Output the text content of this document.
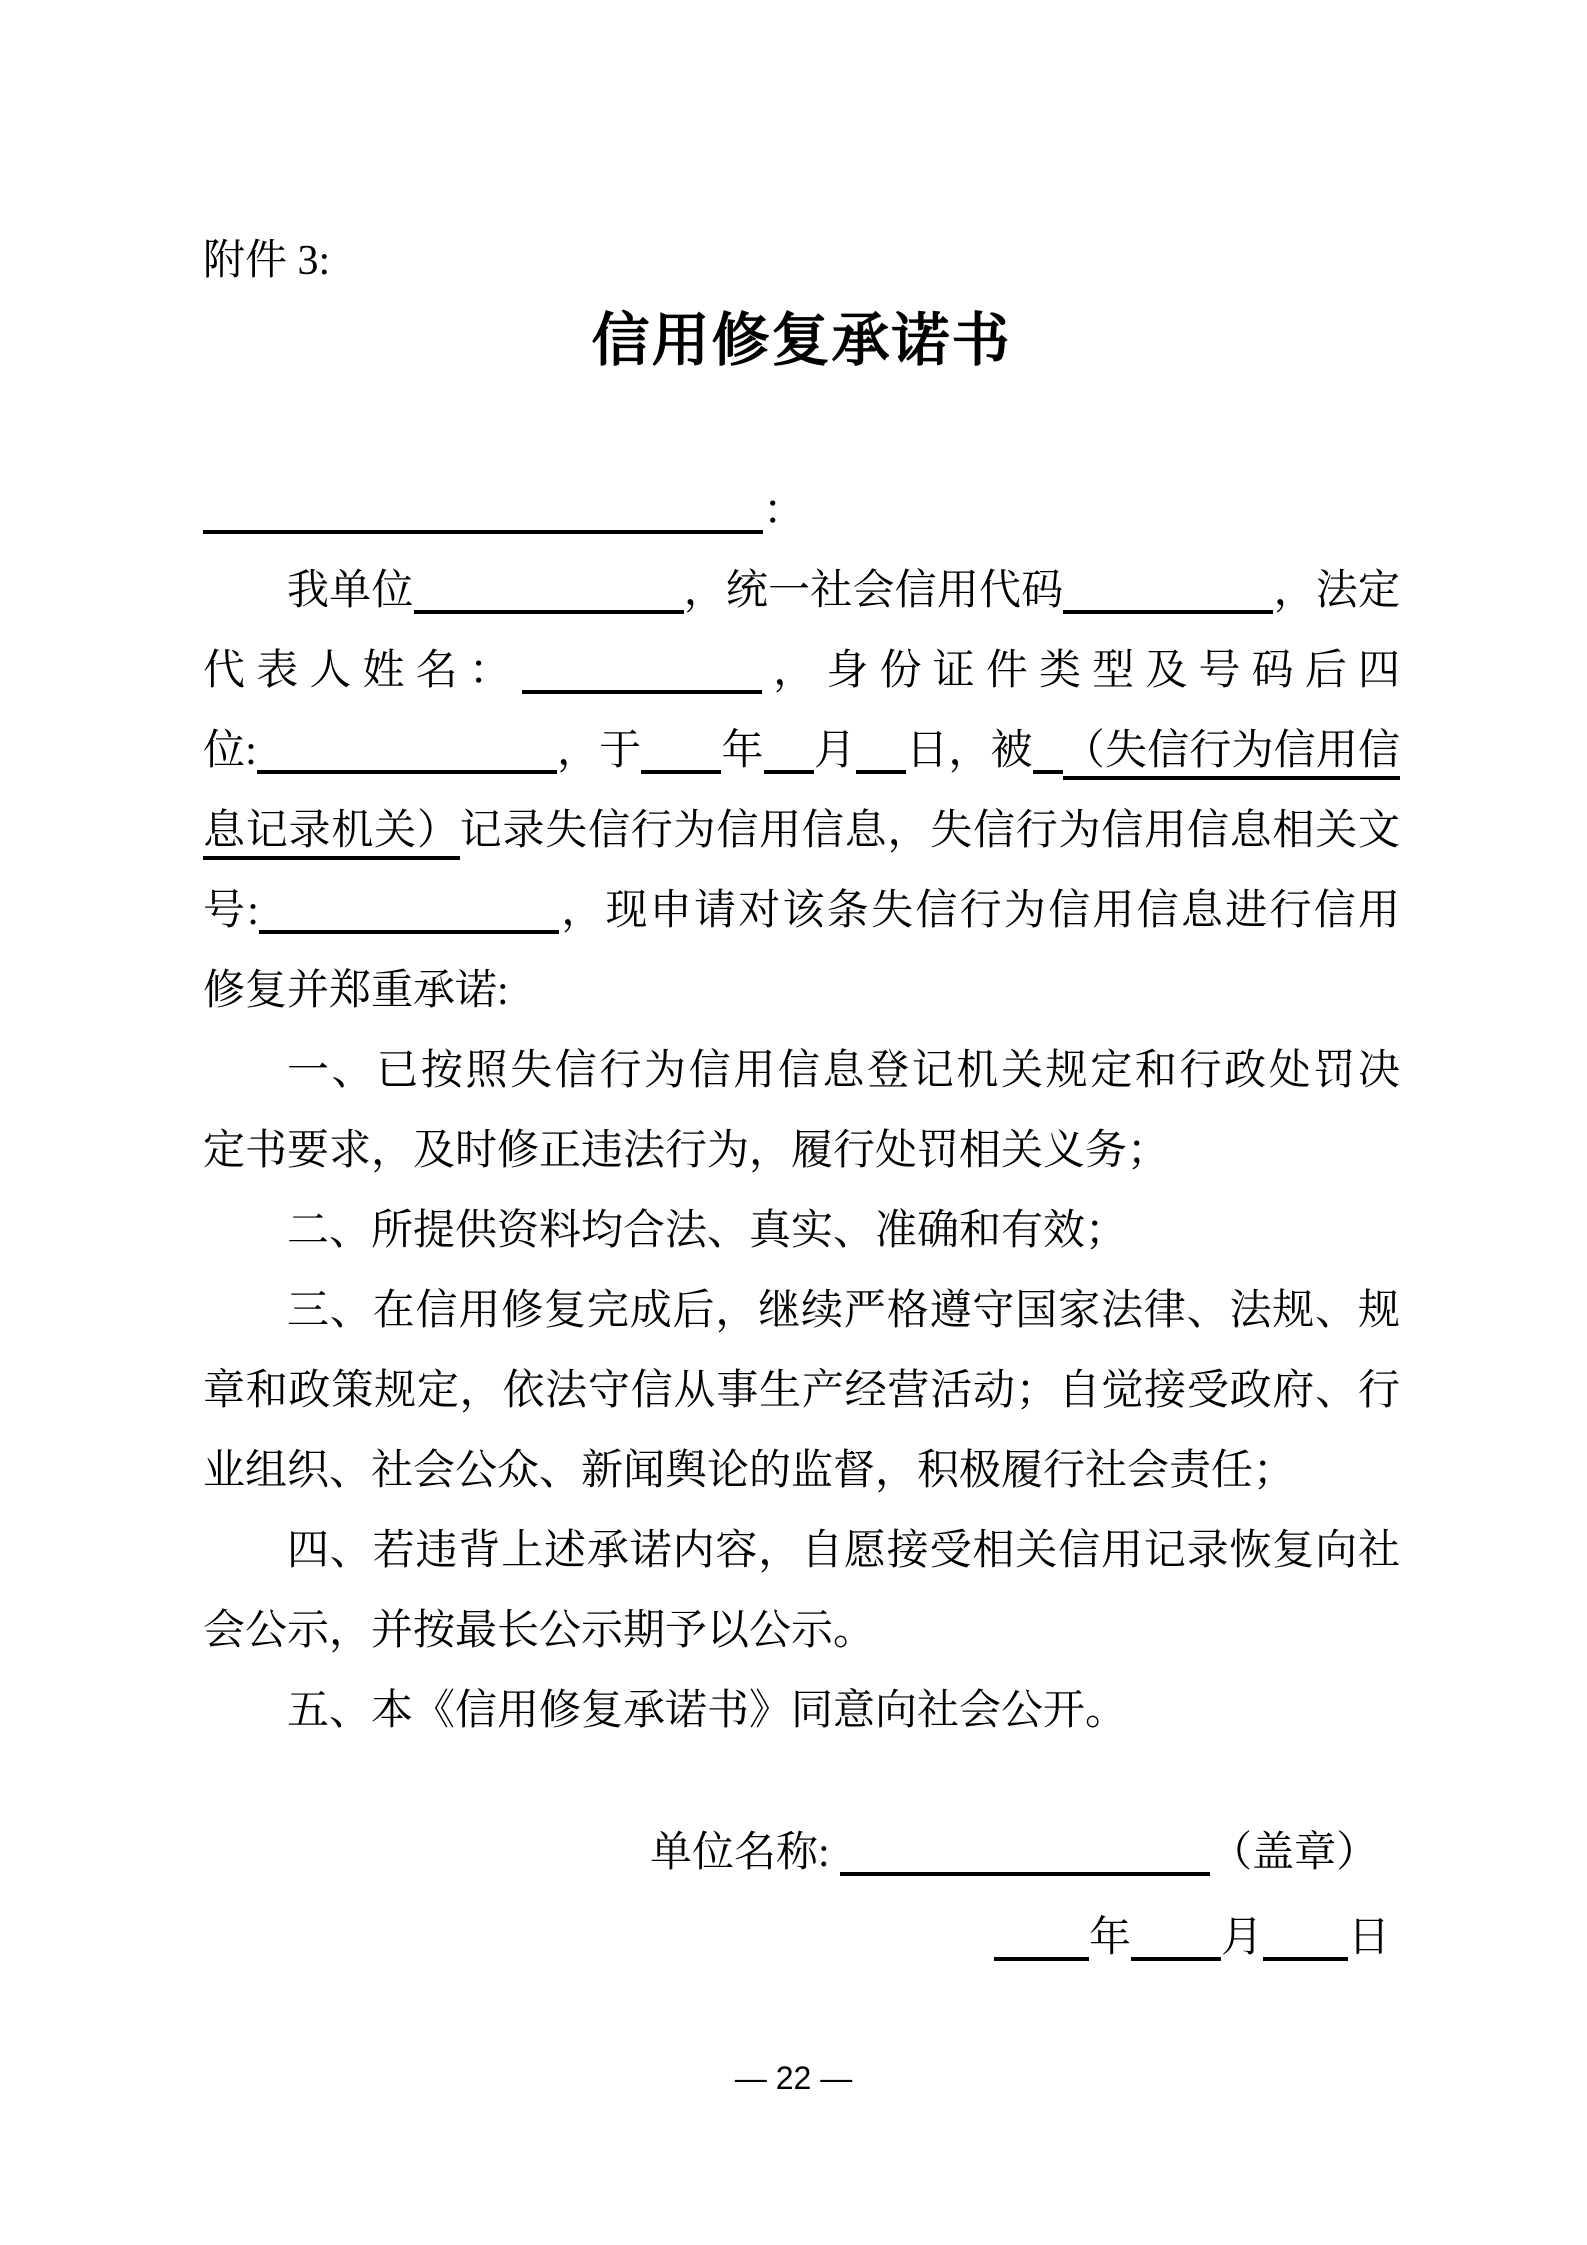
附件 3:
信用修复承诺书
：
我单位	，统一社会信用代码	，法定
代表人姓名：	，身份证件类型及号码后四
位:	，于 年 月 日，被 （失信行为信用信
息记录机关）记录失信行为信用信息，失信行为信用信息相关文
号:	，现申请对该条失信行为信用信息进行信用
修复并郑重承诺:
一、已按照失信行为信用信息登记机关规定和行政处罚决
定书要求，及时修正违法行为，履行处罚相关义务；
二、所提供资料均合法、真实、准确和有效；
三、在信用修复完成后，继续严格遵守国家法律、法规、规
章和政策规定，依法守信从事生产经营活动；自觉接受政府、行
业组织、社会公众、新闻舆论的监督，积极履行社会责任；
四、若违背上述承诺内容，自愿接受相关信用记录恢复向社
会公示，并按最长公示期予以公示。
五、本《信用修复承诺书》同意向社会公开。
单位名称:	（盖章）
年 月 日
— 22 —
